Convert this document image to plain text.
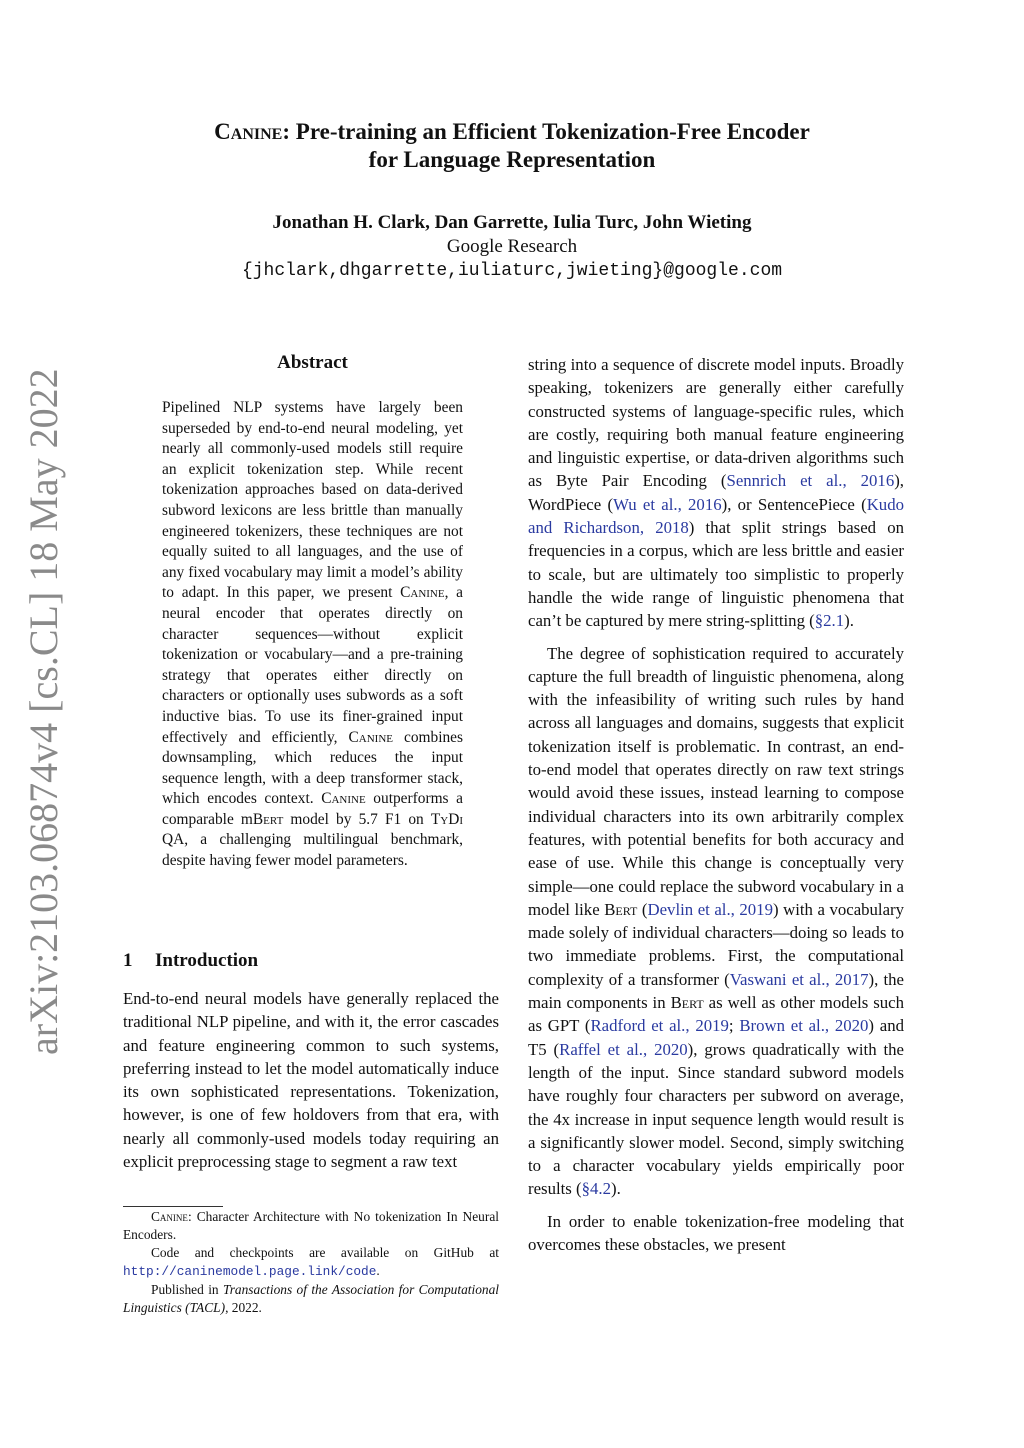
arXiv:2103.06874v4 [cs.CL] 18 May 2022
Canine: Pre-training an Efficient Tokenization-Free Encoder
for Language Representation
Jonathan H. Clark, Dan Garrette, Iulia Turc, John Wieting
Google Research
{jhclark,dhgarrette,iuliaturc,jwieting}@google.com
Abstract

Pipelined NLP systems have largely been superseded by end-to-end neural modeling, yet nearly all commonly-used models still require an explicit tokenization step. While recent tokenization approaches based on data-derived subword lexicons are less brittle than manually engineered tokenizers, these techniques are not equally suited to all languages, and the use of any fixed vocabulary may limit a model’s ability to adapt. In this paper, we present Canine, a neural encoder that operates directly on character sequences—without explicit tokenization or vocabulary—and a pre-training strategy that operates either directly on characters or optionally uses subwords as a soft inductive bias. To use its finer-grained input effectively and efficiently, Canine combines downsampling, which reduces the input sequence length, with a deep transformer stack, which encodes context. Canine outperforms a comparable mBert model by 5.7 F1 on TyDi QA, a challenging multilingual benchmark, despite having fewer model parameters.

1 Introduction

End-to-end neural models have generally replaced the traditional NLP pipeline, and with it, the error cascades and feature engineering common to such systems, preferring instead to let the model automatically induce its own sophisticated representations. Tokenization, however, is one of few holdovers from that era, with nearly all commonly-used models today requiring an explicit preprocessing stage to segment a raw text

Canine: Character Architecture with No tokenization In Neural Encoders.

Code and checkpoints are available on GitHub at http://caninemodel.page.link/code.

Published in Transactions of the Association for Computational Linguistics (TACL), 2022.

string into a sequence of discrete model inputs. Broadly speaking, tokenizers are generally either carefully constructed systems of language-specific rules, which are costly, requiring both manual feature engineering and linguistic expertise, or data-driven algorithms such as Byte Pair Encoding (Sennrich et al., 2016), WordPiece (Wu et al., 2016), or SentencePiece (Kudo and Richardson, 2018) that split strings based on frequencies in a corpus, which are less brittle and easier to scale, but are ultimately too simplistic to properly handle the wide range of linguistic phenomena that can’t be captured by mere string-splitting (§2.1).

The degree of sophistication required to accurately capture the full breadth of linguistic phenomena, along with the infeasibility of writing such rules by hand across all languages and domains, suggests that explicit tokenization itself is problematic. In contrast, an end-to-end model that operates directly on raw text strings would avoid these issues, instead learning to compose individual characters into its own arbitrarily complex features, with potential benefits for both accuracy and ease of use. While this change is conceptually very simple—one could replace the subword vocabulary in a model like Bert (Devlin et al., 2019) with a vocabulary made solely of individual characters—doing so leads to two immediate problems. First, the computational complexity of a transformer (Vaswani et al., 2017), the main components in Bert as well as other models such as GPT (Radford et al., 2019; Brown et al., 2020) and T5 (Raffel et al., 2020), grows quadratically with the length of the input. Since standard subword models have roughly four characters per subword on average, the 4x increase in input sequence length would result is a significantly slower model. Second, simply switching to a character vocabulary yields empirically poor results (§4.2).

In order to enable tokenization-free modeling that overcomes these obstacles, we present
